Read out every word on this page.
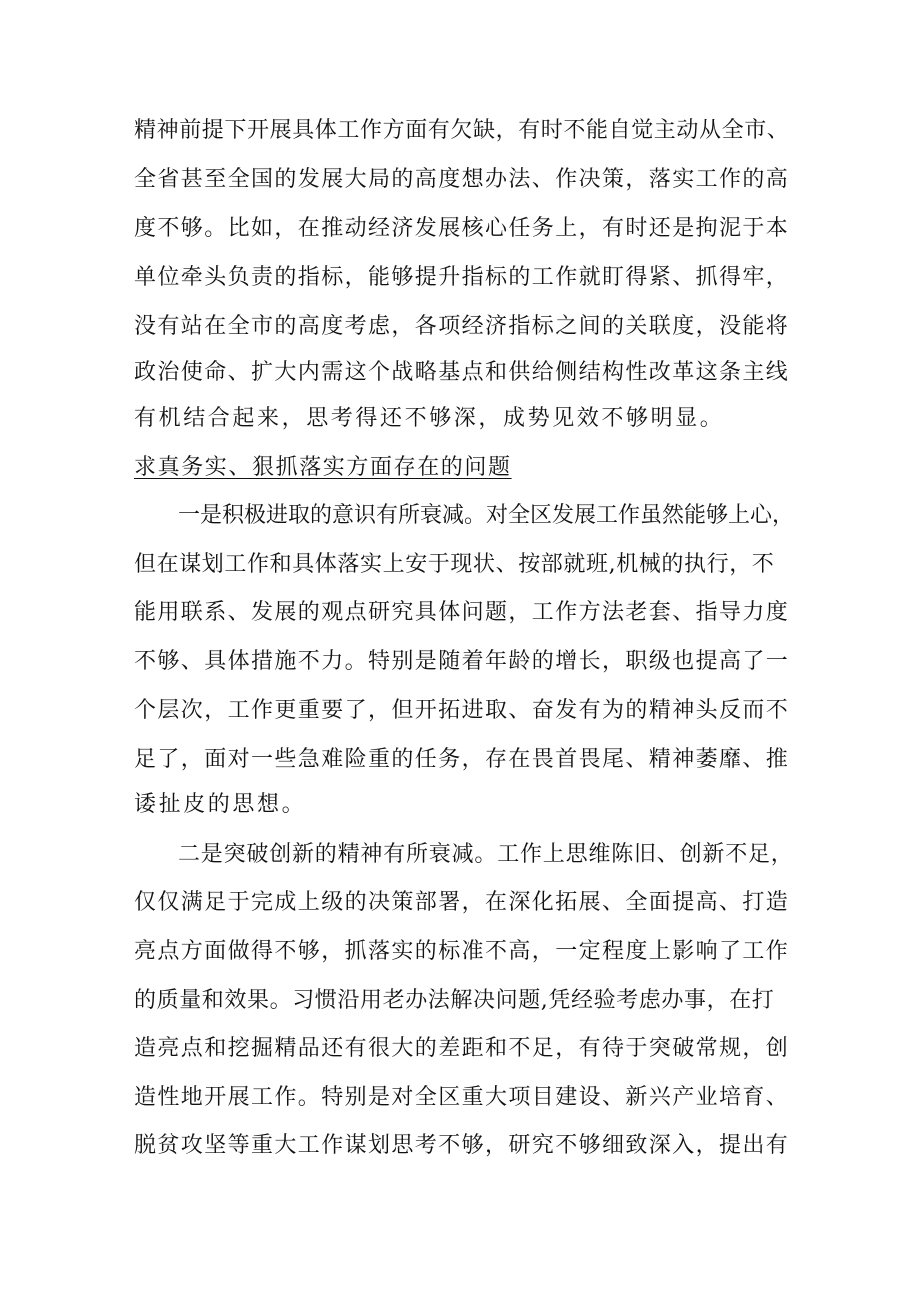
精神前提下开展具体工作方面有欠缺，有时不能自觉主动从全市、
全省甚至全国的发展大局的高度想办法、作决策，落实工作的高
度不够。比如，在推动经济发展核心任务上，有时还是拘泥于本
单位牵头负责的指标，能够提升指标的工作就盯得紧、抓得牢，
没有站在全市的高度考虑，各项经济指标之间的关联度，没能将
政治使命、扩大内需这个战略基点和供给侧结构性改革这条主线
有机结合起来，思考得还不够深，成势见效不够明显。
求真务实、狠抓落实方面存在的问题
一是积极进取的意识有所衰减。对全区发展工作虽然能够上心，
但在谋划工作和具体落实上安于现状、按部就班,机械的执行，不
能用联系、发展的观点研究具体问题，工作方法老套、指导力度
不够、具体措施不力。特别是随着年龄的增长，职级也提高了一
个层次，工作更重要了，但开拓进取、奋发有为的精神头反而不
足了，面对一些急难险重的任务，存在畏首畏尾、精神萎靡、推
诿扯皮的思想。
二是突破创新的精神有所衰减。工作上思维陈旧、创新不足，
仅仅满足于完成上级的决策部署，在深化拓展、全面提高、打造
亮点方面做得不够，抓落实的标准不高，一定程度上影响了工作
的质量和效果。习惯沿用老办法解决问题,凭经验考虑办事，在打
造亮点和挖掘精品还有很大的差距和不足，有待于突破常规，创
造性地开展工作。特别是对全区重大项目建设、新兴产业培育、
脱贫攻坚等重大工作谋划思考不够，研究不够细致深入，提出有
